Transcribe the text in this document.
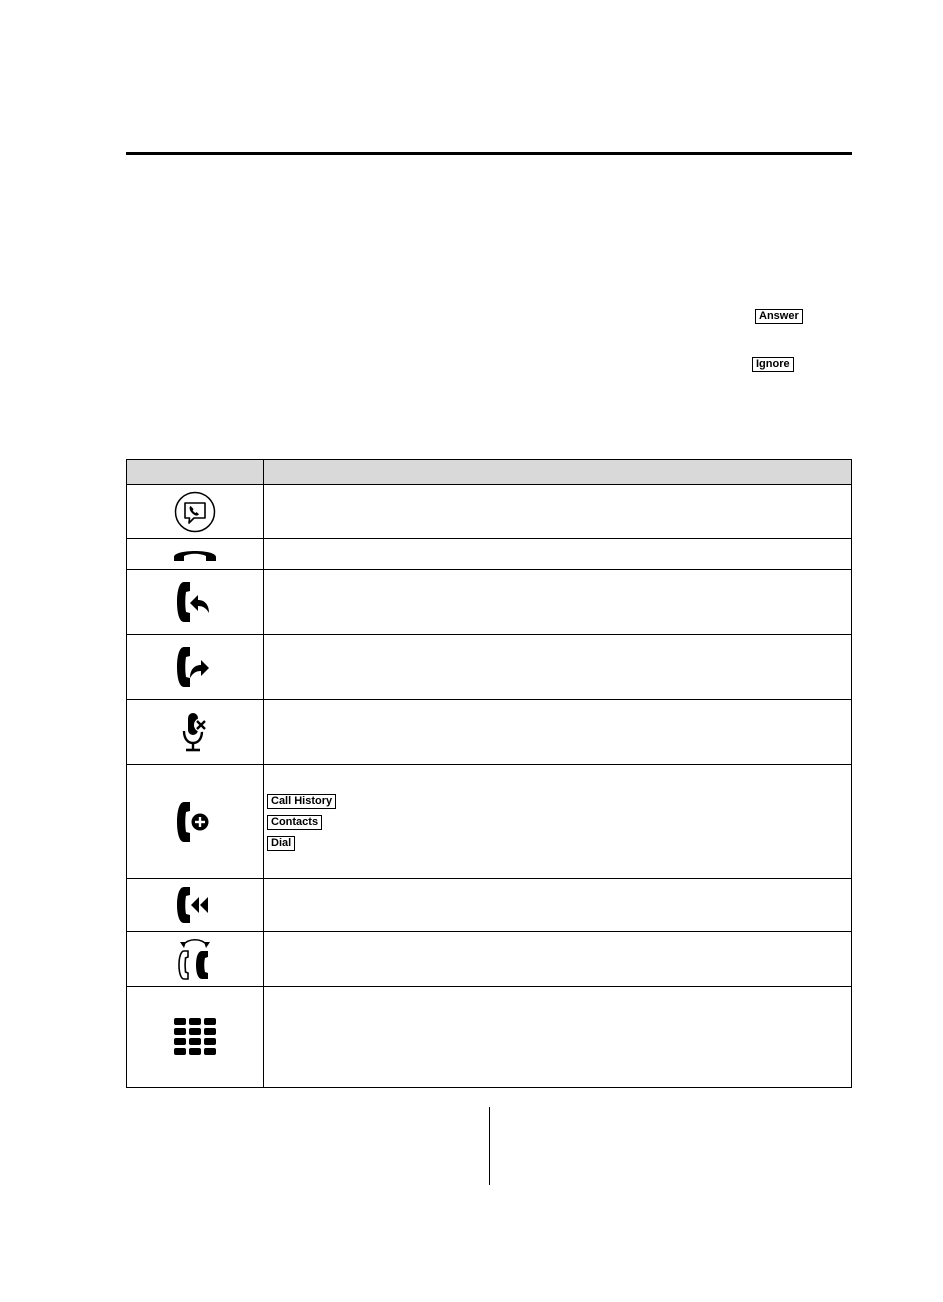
Answer
Ignore

Call History
Contacts
Dial
